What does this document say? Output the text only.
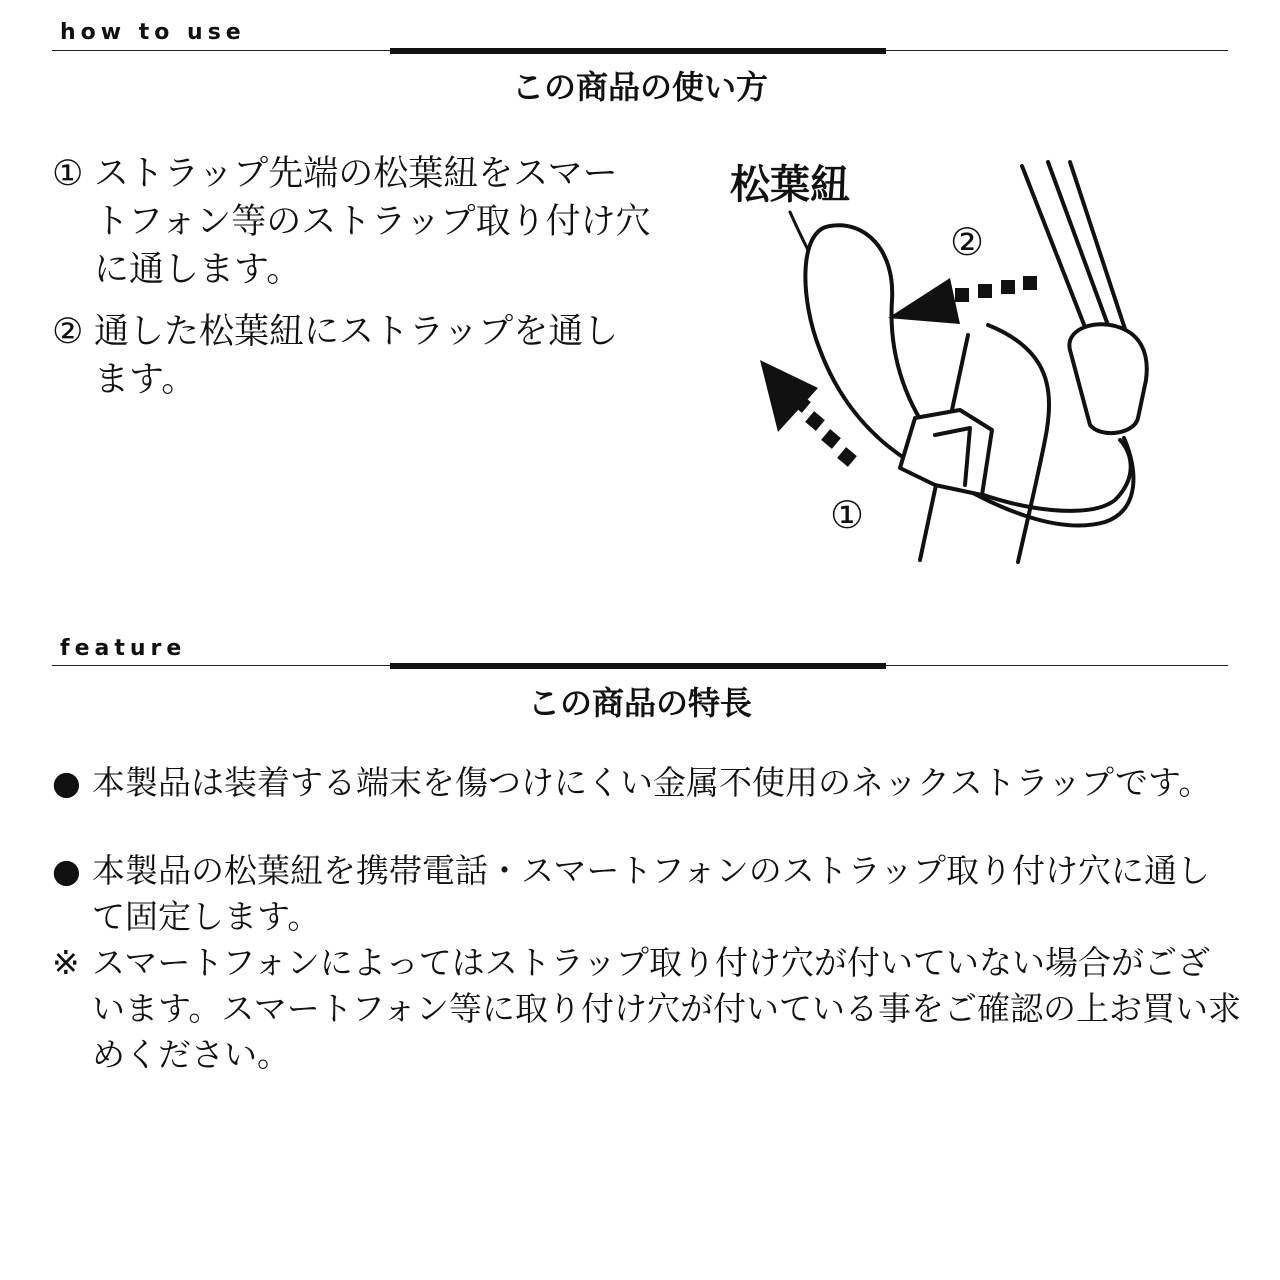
how to use

この商品の使い方
① ストラップ先端の松葉紐をスマートフォン等のストラップ取り付け穴に通します。
② 通した松葉紐にストラップを通します。
松葉紐
②
①

feature

この商品の特長
● 本製品は装着する端末を傷つけにくい金属不使用のネックストラップです。
● 本製品の松葉紐を携帯電話・スマートフォンのストラップ取り付け穴に通して固定します。
※ スマートフォンによってはストラップ取り付け穴が付いていない場合がございます。スマートフォン等に取り付け穴が付いている事をご確認の上お買い求めください。
